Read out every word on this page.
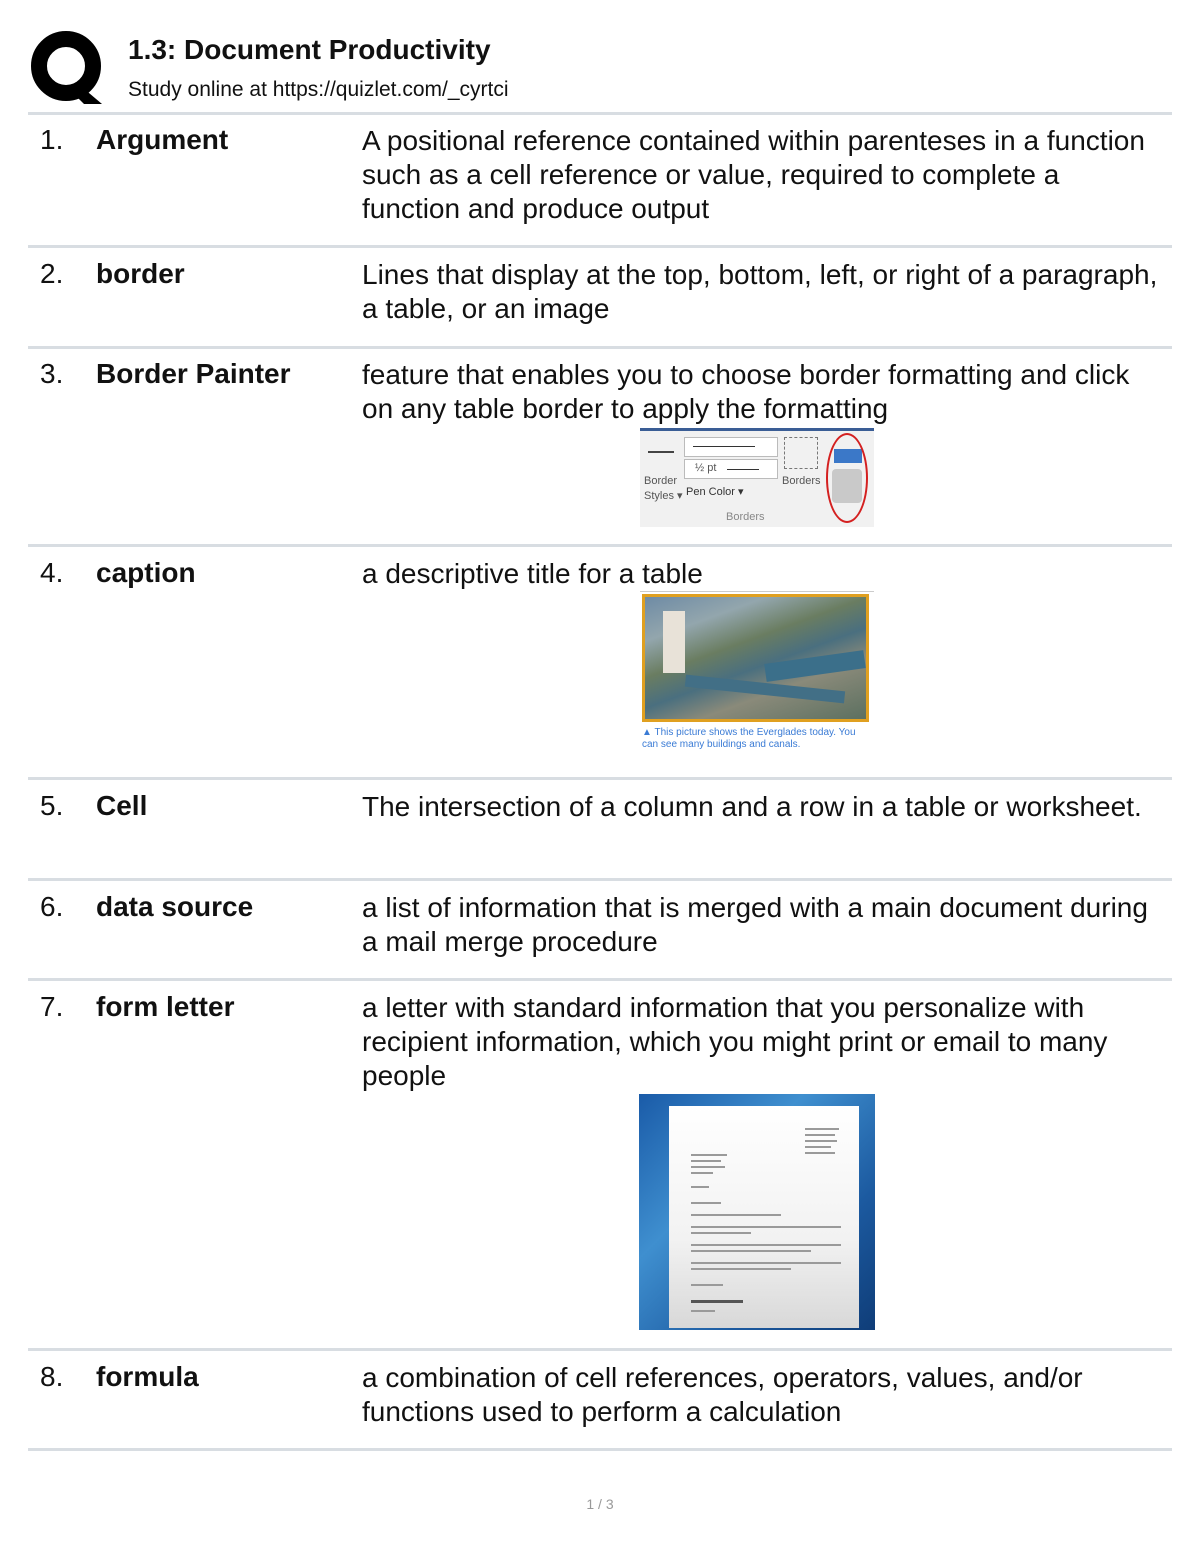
1.3: Document Productivity
Study online at https://quizlet.com/_cyrtci
1. Argument	A positional reference contained within parenteses in a function such as a cell reference or value, required to complete a function and produce output
2. border	Lines that display at the top, bottom, left, or right of a paragraph, a table, or an image
3. Border Painter	feature that enables you to choose border formatting and click on any table border to apply the formatting
Border
Styles ▾
½ pt
Pen Color ▾
Borders
Borders
4. caption	a descriptive title for a table
▲ This picture shows the Everglades today. You can see many buildings and canals.
5. Cell	The intersection of a column and a row in a table or worksheet.
6. data source	a list of information that is merged with a main document during a mail merge procedure
7. form letter	a letter with standard information that you personalize with recipient information, which you might print or email to many people
8. formula	a combination of cell references, operators, values, and/or functions used to perform a calculation
1 / 3
